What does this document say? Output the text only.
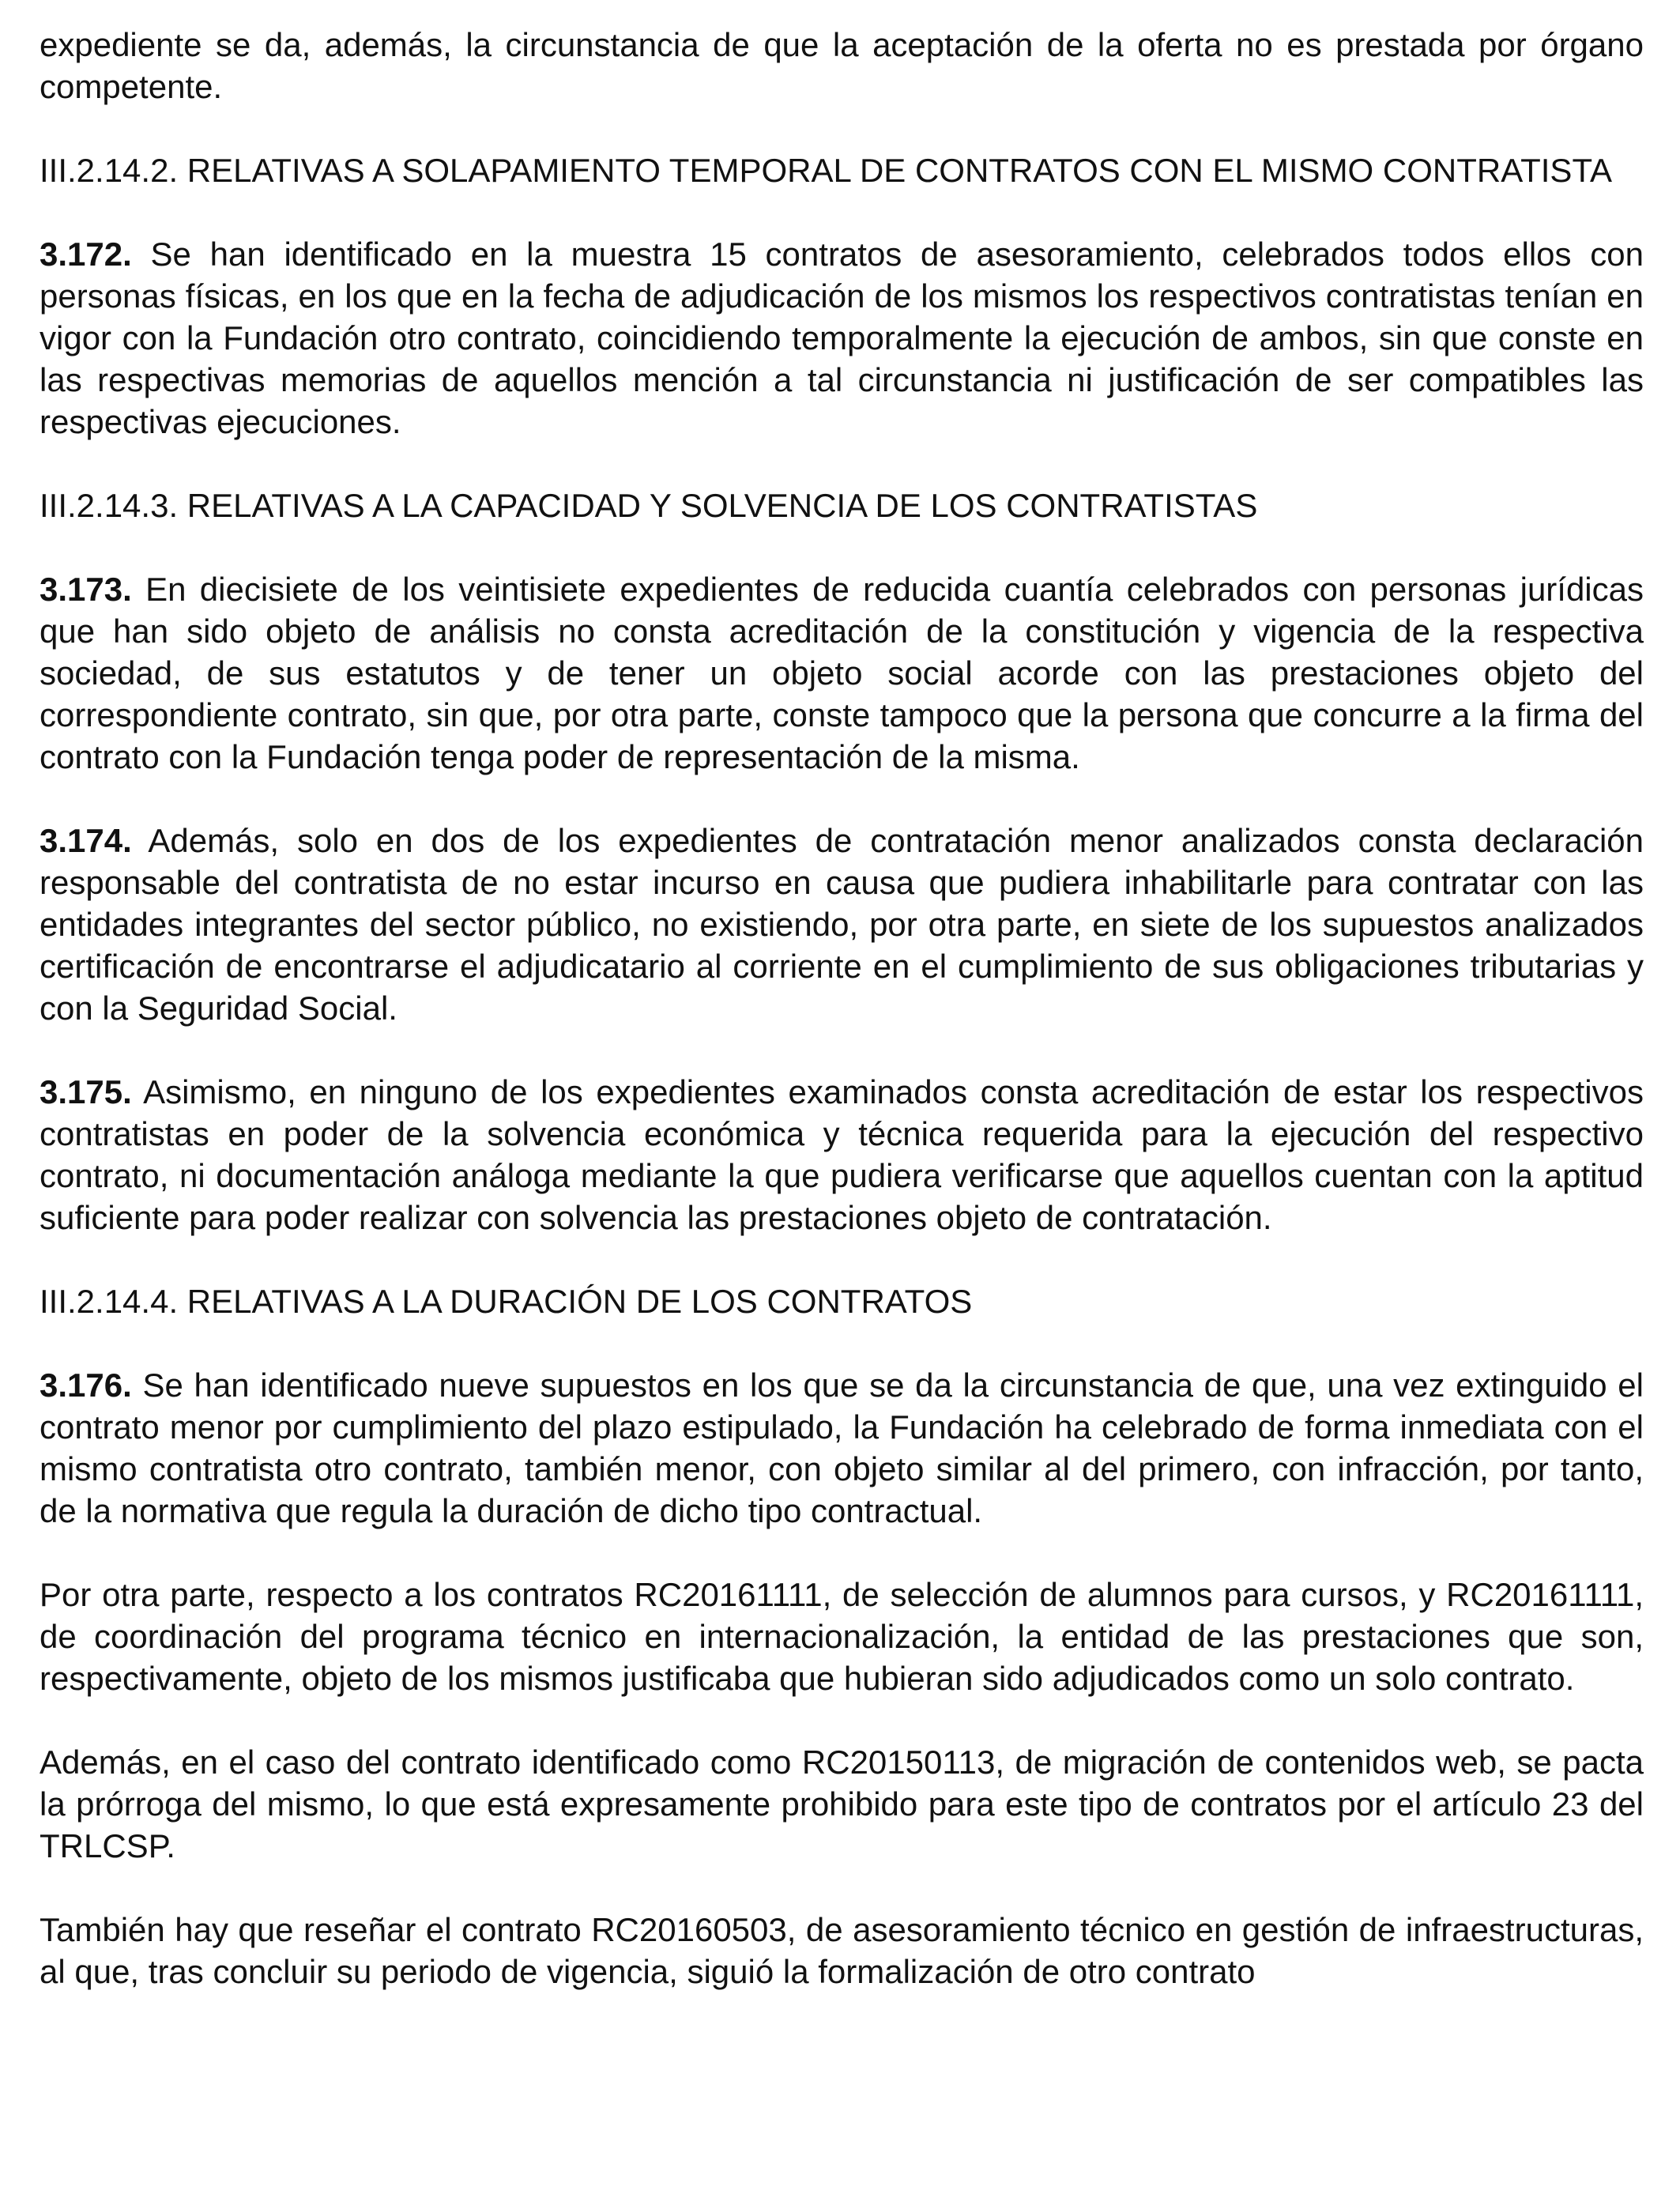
expediente se da, además, la circunstancia de que la aceptación de la oferta no es prestada por órgano competente.

III.2.14.2. RELATIVAS A SOLAPAMIENTO TEMPORAL DE CONTRATOS CON EL MISMO CONTRATISTA

3.172. Se han identificado en la muestra 15 contratos de asesoramiento, celebrados todos ellos con personas físicas, en los que en la fecha de adjudicación de los mismos los respectivos contratistas tenían en vigor con la Fundación otro contrato, coincidiendo temporalmente la ejecución de ambos, sin que conste en las respectivas memorias de aquellos mención a tal circunstancia ni justificación de ser compatibles las respectivas ejecuciones.

III.2.14.3. RELATIVAS A LA CAPACIDAD Y SOLVENCIA DE LOS CONTRATISTAS

3.173. En diecisiete de los veintisiete expedientes de reducida cuantía celebrados con personas jurídicas que han sido objeto de análisis no consta acreditación de la constitución y vigencia de la respectiva sociedad, de sus estatutos y de tener un objeto social acorde con las prestaciones objeto del correspondiente contrato, sin que, por otra parte, conste tampoco que la persona que concurre a la firma del contrato con la Fundación tenga poder de representación de la misma.

3.174. Además, solo en dos de los expedientes de contratación menor analizados consta declaración responsable del contratista de no estar incurso en causa que pudiera inhabilitarle para contratar con las entidades integrantes del sector público, no existiendo, por otra parte, en siete de los supuestos analizados certificación de encontrarse el adjudicatario al corriente en el cumplimiento de sus obligaciones tributarias y con la Seguridad Social.

3.175. Asimismo, en ninguno de los expedientes examinados consta acreditación de estar los respectivos contratistas en poder de la solvencia económica y técnica requerida para la ejecución del respectivo contrato, ni documentación análoga mediante la que pudiera verificarse que aquellos cuentan con la aptitud suficiente para poder realizar con solvencia las prestaciones objeto de contratación.

III.2.14.4. RELATIVAS A LA DURACIÓN DE LOS CONTRATOS

3.176. Se han identificado nueve supuestos en los que se da la circunstancia de que, una vez extinguido el contrato menor por cumplimiento del plazo estipulado, la Fundación ha celebrado de forma inmediata con el mismo contratista otro contrato, también menor, con objeto similar al del primero, con infracción, por tanto, de la normativa que regula la duración de dicho tipo contractual.

Por otra parte, respecto a los contratos RC20161111, de selección de alumnos para cursos, y RC20161111, de coordinación del programa técnico en internacionalización, la entidad de las prestaciones que son, respectivamente, objeto de los mismos justificaba que hubieran sido adjudicados como un solo contrato.

Además, en el caso del contrato identificado como RC20150113, de migración de contenidos web, se pacta la prórroga del mismo, lo que está expresamente prohibido para este tipo de contratos por el artículo 23 del TRLCSP.

También hay que reseñar el contrato RC20160503, de asesoramiento técnico en gestión de infraestructuras, al que, tras concluir su periodo de vigencia, siguió la formalización de otro contrato
